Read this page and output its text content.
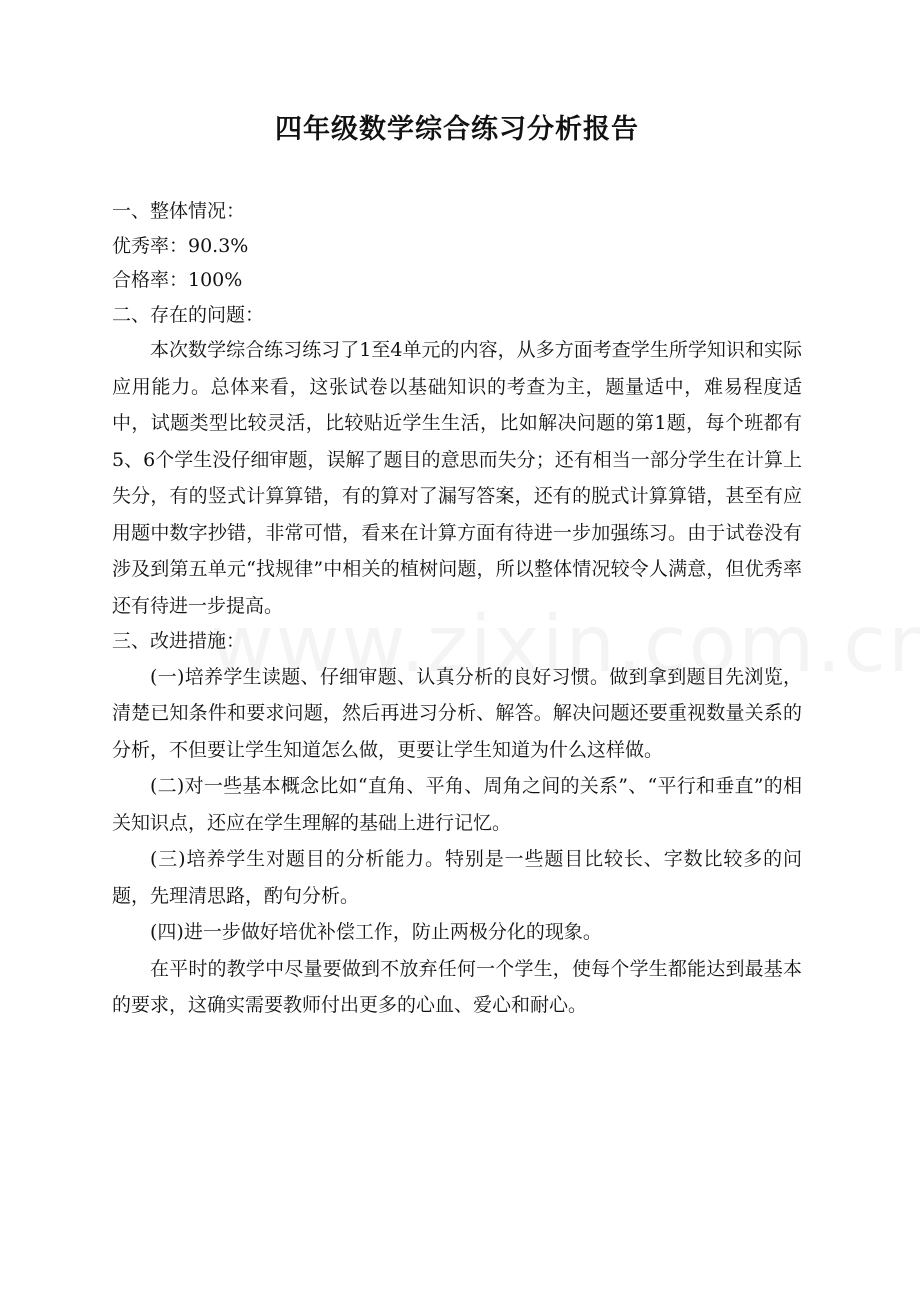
四年级数学综合练习分析报告

一、整体情况：

优秀率：90.3%

合格率：100%

二、存在的问题：

本次数学综合练习练习了1至4单元的内容，从多方面考查学生所学知识和实际应用能力。总体来看，这张试卷以基础知识的考查为主，题量适中，难易程度适中，试题类型比较灵活，比较贴近学生生活，比如解决问题的第1题，每个班都有5、6个学生没仔细审题，误解了题目的意思而失分；还有相当一部分学生在计算上失分，有的竖式计算算错，有的算对了漏写答案，还有的脱式计算算错，甚至有应用题中数字抄错，非常可惜，看来在计算方面有待进一步加强练习。由于试卷没有涉及到第五单元“找规律”中相关的植树问题，所以整体情况较令人满意，但优秀率还有待进一步提高。

三、改进措施：

(一)培养学生读题、仔细审题、认真分析的良好习惯。做到拿到题目先浏览，清楚已知条件和要求问题，然后再进习分析、解答。解决问题还要重视数量关系的分析，不但要让学生知道怎么做，更要让学生知道为什么这样做。

(二)对一些基本概念比如“直角、平角、周角之间的关系”、“平行和垂直”的相关知识点，还应在学生理解的基础上进行记忆。

(三)培养学生对题目的分析能力。特别是一些题目比较长、字数比较多的问题，先理清思路，酌句分析。

(四)进一步做好培优补偿工作，防止两极分化的现象。

在平时的教学中尽量要做到不放弃任何一个学生，使每个学生都能达到最基本的要求，这确实需要教师付出更多的心血、爱心和耐心。
